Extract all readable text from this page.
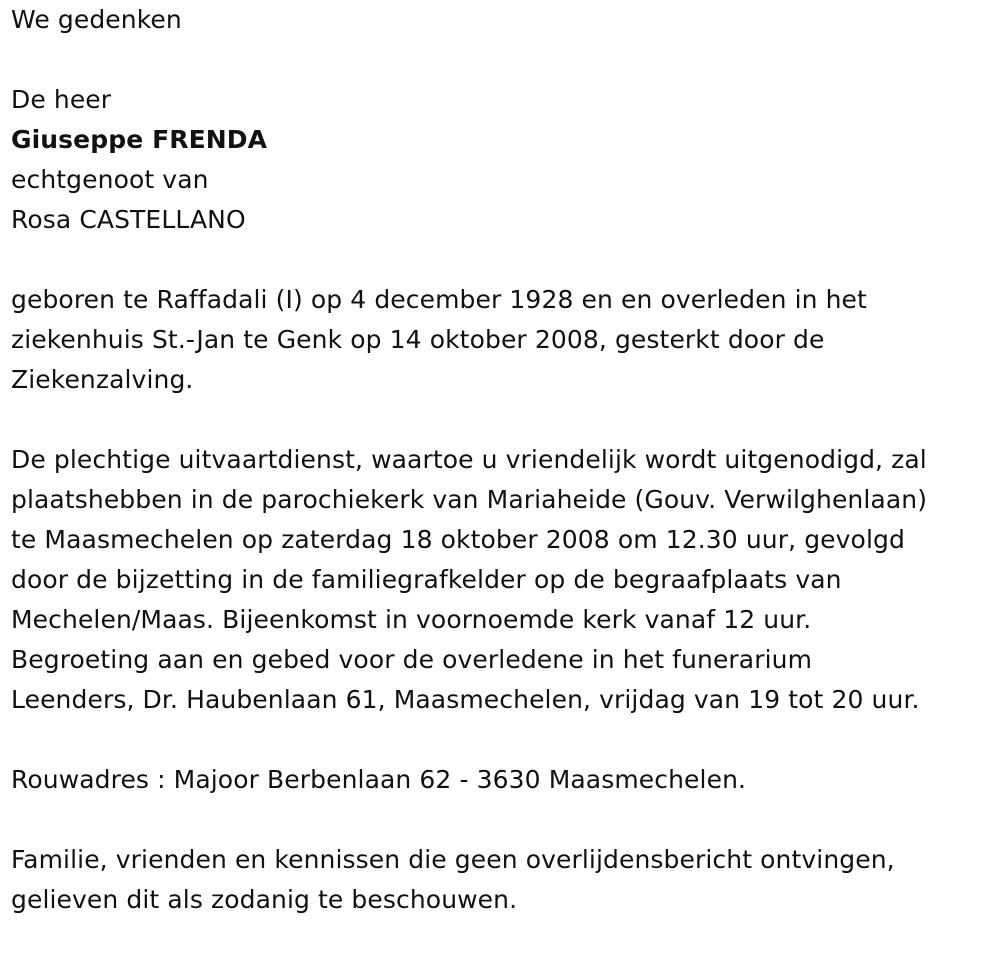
We gedenken
De heer
Giuseppe FRENDA
echtgenoot van
Rosa CASTELLANO
geboren te Raffadali (I) op 4 december 1928 en en overleden in het
ziekenhuis St.-Jan te Genk op 14 oktober 2008, gesterkt door de
Ziekenzalving.
De plechtige uitvaartdienst, waartoe u vriendelijk wordt uitgenodigd, zal
plaatshebben in de parochiekerk van Mariaheide (Gouv. Verwilghenlaan)
te Maasmechelen op zaterdag 18 oktober 2008 om 12.30 uur, gevolgd
door de bijzetting in de familiegrafkelder op de begraafplaats van
Mechelen/Maas. Bijeenkomst in voornoemde kerk vanaf 12 uur.
Begroeting aan en gebed voor de overledene in het funerarium
Leenders, Dr. Haubenlaan 61, Maasmechelen, vrijdag van 19 tot 20 uur.
Rouwadres : Majoor Berbenlaan 62 - 3630 Maasmechelen.
Familie, vrienden en kennissen die geen overlijdensbericht ontvingen,
gelieven dit als zodanig te beschouwen.
